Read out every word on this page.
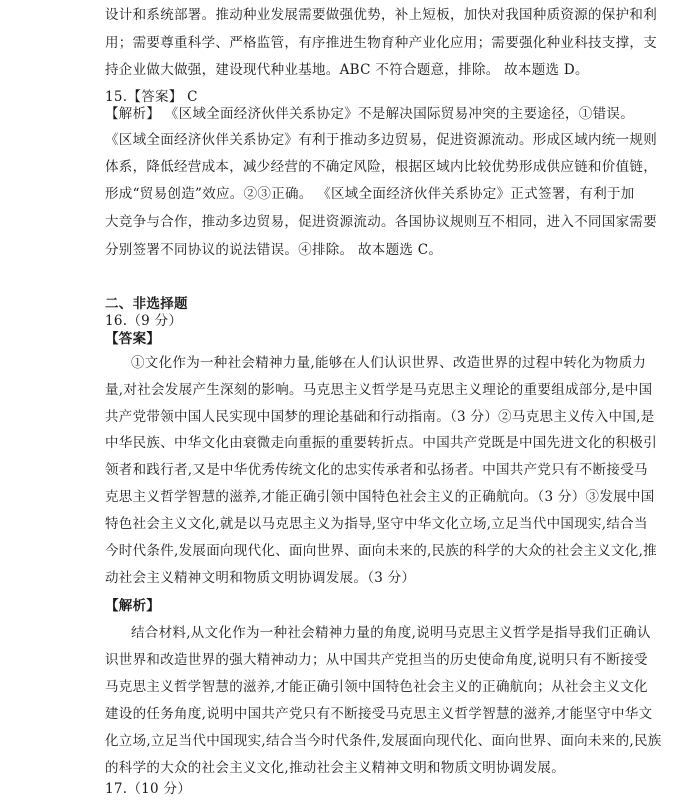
设计和系统部署。推动种业发展需要做强优势，补上短板，加快对我国种质资源的保护和利
用；需要尊重科学、严格监管，有序推进生物育种产业化应用；需要强化种业科技支撑，支
持企业做大做强，建设现代种业基地。ABC 不符合题意，排除。 故本题选 D。
15.【答案】 C
【解析】 《区域全面经济伙伴关系协定》不是解决国际贸易冲突的主要途径，①错误。
《区域全面经济伙伴关系协定》有利于推动多边贸易，促进资源流动。形成区域内统一规则
体系，降低经营成本，减少经营的不确定风险，根据区域内比较优势形成供应链和价值链，
形成“贸易创造”效应。②③正确。 《区域全面经济伙伴关系协定》正式签署，有利于加
大竞争与合作，推动多边贸易，促进资源流动。各国协议规则互不相同，进入不同国家需要
分别签署不同协议的说法错误。④排除。 故本题选 C。
二、非选择题
16.（9 分）
【答案】
①文化作为一种社会精神力量,能够在人们认识世界、改造世界的过程中转化为物质力
量,对社会发展产生深刻的影响。马克思主义哲学是马克思主义理论的重要组成部分,是中国
共产党带领中国人民实现中国梦的理论基础和行动指南。（3 分）②马克思主义传入中国,是
中华民族、中华文化由衰微走向重振的重要转折点。中国共产党既是中国先进文化的积极引
领者和践行者,又是中华优秀传统文化的忠实传承者和弘扬者。中国共产党只有不断接受马
克思主义哲学智慧的滋养,才能正确引领中国特色社会主义的正确航向。（3 分）③发展中国
特色社会主义文化,就是以马克思主义为指导,坚守中华文化立场,立足当代中国现实,结合当
今时代条件,发展面向现代化、面向世界、面向未来的,民族的科学的大众的社会主义文化,推
动社会主义精神文明和物质文明协调发展。（3 分）
【解析】
结合材料,从文化作为一种社会精神力量的角度,说明马克思主义哲学是指导我们正确认
识世界和改造世界的强大精神动力；从中国共产党担当的历史使命角度,说明只有不断接受
马克思主义哲学智慧的滋养,才能正确引领中国特色社会主义的正确航向；从社会主义文化
建设的任务角度,说明中国共产党只有不断接受马克思主义哲学智慧的滋养,才能坚守中华文
化立场,立足当代中国现实,结合当今时代条件,发展面向现代化、面向世界、面向未来的,民族
的科学的大众的社会主义文化,推动社会主义精神文明和物质文明协调发展。
17.（10 分）
